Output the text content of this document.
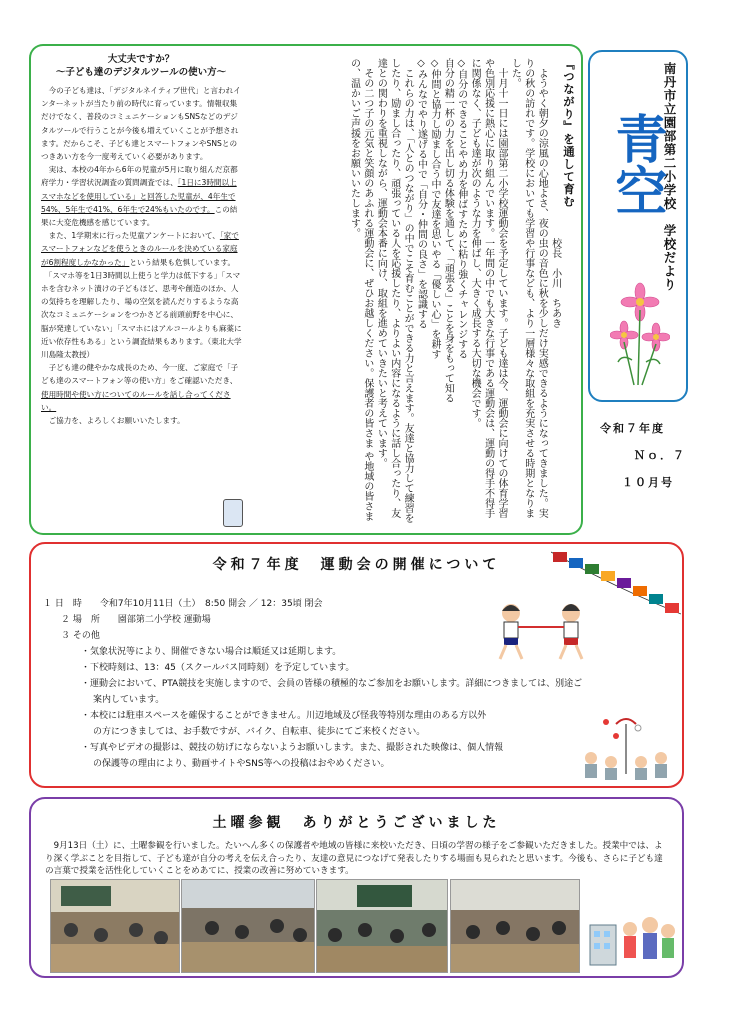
大丈夫ですか？
～子ども達のデジタルツールの使い方～

　今の子ども達は、「デジタルネイティブ世代」と言われインターネットが当たり前の時代に育っています。情報収集だけでなく、普段のコミュニケーションもSNSなどのデジタルツールで行うことが今後も増えていくことが予想されます。だからこそ、子ども達とスマートフォンやSNSとのつきあい方を今一度考えていく必要があります。

　実は、本校の4年から6年の児童が5月に取り組んだ京都府学力・学習状況調査の質問調査では、「1日に3時間以上スマホなどを使用している」と回答した児童が、4年生で54%、5年生で41%、6年生で24%もいたのです。この結果に大変危機感を感じています。

　また、1学期末に行った児童アンケートにおいて、「家でスマートフォンなどを使うときのルールを決めている家庭が6割程度しかなかった」という結果も危惧しています。

　「スマホ等を1日3時間以上使うと学力は低下する」「スマホを含むネット漬けの子どもほど、思考や創造のほか、人の気持ちを理解したり、場の空気を読んだりするような高次なコミュニケーションをつかさどる前頭前野を中心に、脳が発達していない」「スマホにはアルコールよりも麻薬に近い依存性もある」という調査結果もあります。（東北大学 川島隆太教授）

　子ども達の健やかな成長のため、今一度、ご家庭で「子ども達のスマートフォン等の使い方」をご確認いただき、使用時間や使い方についてのルールを話し合ってください。

　ご協力を、よろしくお願いいたします。

『つながり』を通して育む

校長　小川　ちあき

　ようやく朝夕の涼風の心地よさ、夜の虫の音色に秋を少しだけ実感できるようになってきました。実りの秋の訪れです。学校においても学習や行事なども、より一層様々な取組を充実させる時期となりました。

　十月十一日には園部第二小学校運動会を予定しています。子ども達は今、運動会に向けての体育学習や色別応援に熱心に取り組んでいます。一年間の中でも大きな行事である運動会は、運動の得手不得手に関係なく、子ども達が次のような力を伸ばし、大きく成長する大切な機会です。

◇自分のできることやめ力を伸ばすために粘り強くチャレンジする

自分の精一杯の力を出し切る体験を通して、「頑張る」ことを身をもって知る

◇仲間と協力し励まし合う中で友達を思いやる「優しい心」を耕す

◇みんなでやり遂げる中で「自分・仲間の良さ」を認識する

　これらの力は、「人とのつながり」の中でこそ育むことができる力と言えます。友達と協力して練習をしたり、励まし合ったり、頑張っている人を応援したり、よりよい内容になるように話し合ったり、友達との関わりを重視しながら、運動会本番に向け、取組を進めていきたいと考えています。

　その二つ子の元気と笑顔のあふれる運動会に、ぜひお越しください。保護者の皆さま や地域の皆さまの、温かいご声援をお願いいたします。	南丹市立園部第二小学校　学校だより
青空
令和７年度
Ｎｏ．７
１０月号
令和７年度　運動会の開催について
１ 日　時　　令和7年10月11日（土）　8:50 開会 ／ 12：35頃 閉会
２ 場　所　　園部第二小学校 運動場
３ その他
・気象状況等により、開催できない場合は順延又は延期します。
・下校時刻は、13：45（スクールバス同時刻）を予定しています。
・運動会において、PTA競技を実施しますので、会員の皆様の積極的なご参加をお願いします。詳細につきましては、別途ご
案内しています。
・本校には駐車スペースを確保することができません。川辺地域及び怪我等特別な理由のある方以外
の方につきましては、お手数ですが、バイク、自転車、徒歩にてご来校ください。
・写真やビデオの撮影は、競技の妨げにならないようお願いします。また、撮影された映像は、個人情報
の保護等の理由により、動画サイトやSNS等への投稿はおやめください。
土曜参観　ありがとうございました

　9月13日（土）に、土曜参観を行いました。たいへん多くの保護者や地域の皆様に来校いただき、日頃の学習の様子をご参観いただきました。授業中では、より深く学ぶことを目指して、子ども達が自分の考えを伝え合ったり、友達の意見につなげて発表したりする場面も見られたと思います。今後も、さらに子ども達の言葉で授業を活性化していくことをめあてに、授業の改善に努めていきます。
